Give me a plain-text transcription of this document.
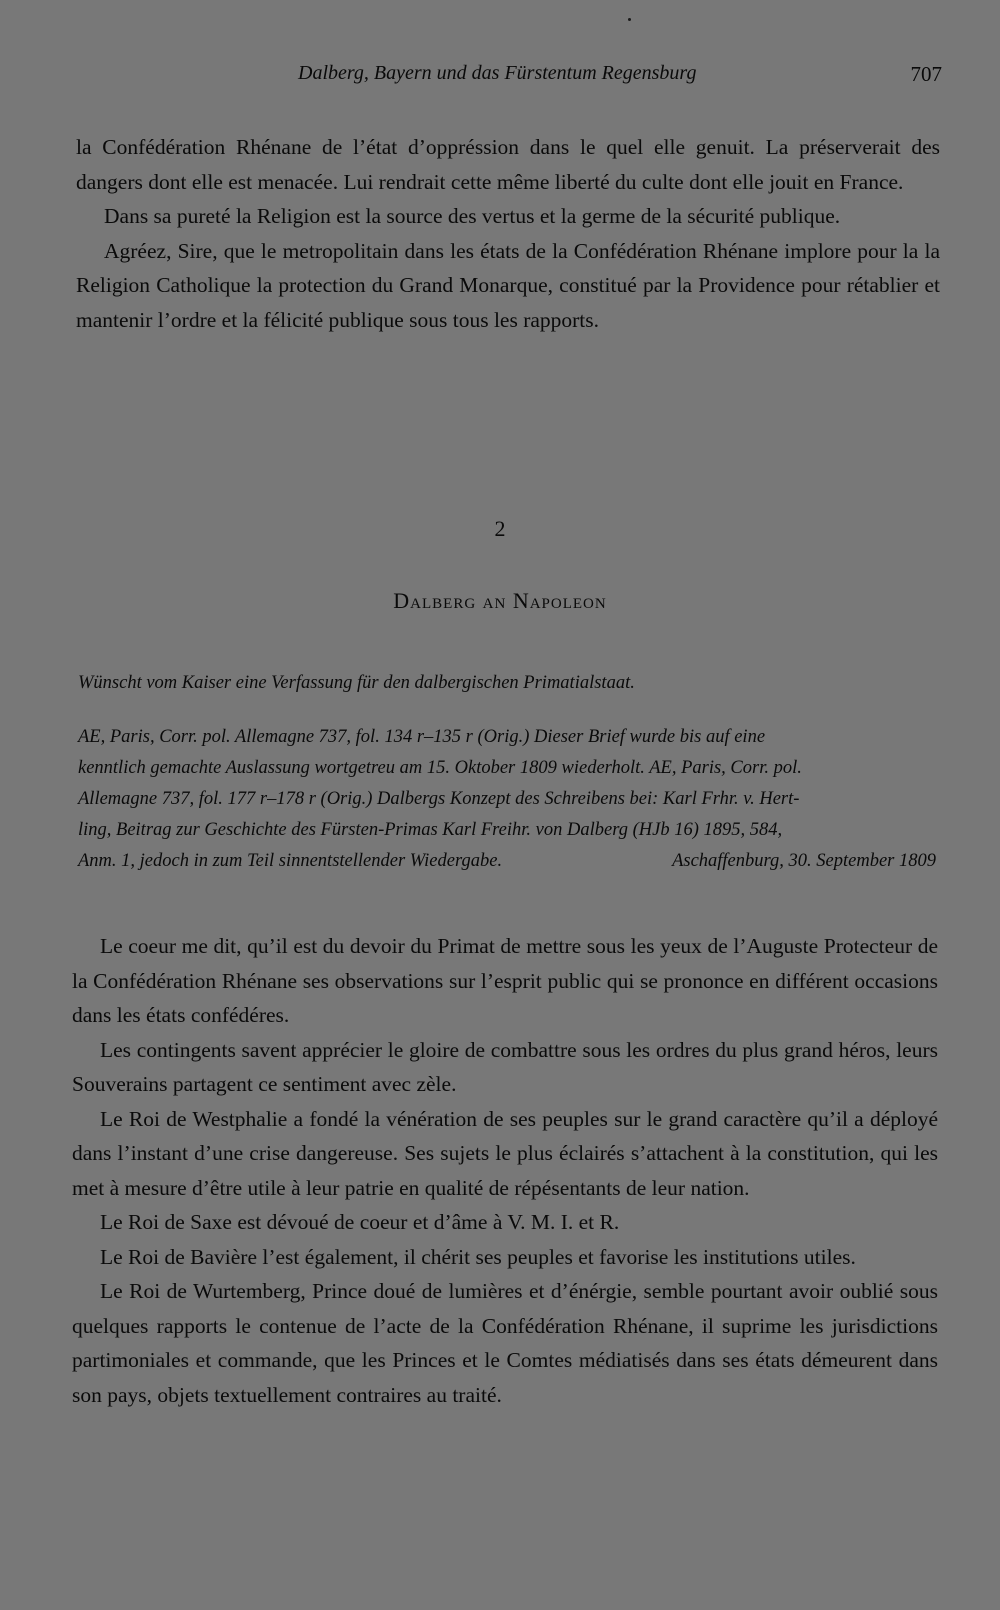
Dalberg, Bayern und das Fürstentum Regensburg	707

la Confédération Rhénane de l’état d’oppréssion dans le quel elle genuit. La préserverait des dangers dont elle est menacée. Lui rendrait cette même liberté du culte dont elle jouit en France.

Dans sa pureté la Religion est la source des vertus et la germe de la sécurité publique.

Agréez, Sire, que le metropolitain dans les états de la Confédération Rhénane implore pour la la Religion Catholique la protection du Grand Monarque, constitué par la Providence pour rétablier et mantenir l’ordre et la félicité publique sous tous les rapports.

2
Dalberg an Napoleon
Wünscht vom Kaiser eine Verfassung für den dalbergischen Primatialstaat.
AE, Paris, Corr. pol. Allemagne 737, fol. 134 r–135 r (Orig.) Dieser Brief wurde bis auf eine
kenntlich gemachte Auslassung wortgetreu am 15. Oktober 1809 wiederholt. AE, Paris, Corr. pol.
Allemagne 737, fol. 177 r–178 r (Orig.) Dalbergs Konzept des Schreibens bei: Karl Frhr. v. Hert-
ling, Beitrag zur Geschichte des Fürsten-Primas Karl Freihr. von Dalberg (HJb 16) 1895, 584,
Anm. 1, jedoch in zum Teil sinnentstellender Wiedergabe.	Aschaffenburg, 30. September 1809

Le coeur me dit, qu’il est du devoir du Primat de mettre sous les yeux de l’Auguste Protecteur de la Confédération Rhénane ses observations sur l’esprit public qui se prononce en différent occasions dans les états confédéres.

Les contingents savent apprécier le gloire de combattre sous les ordres du plus grand héros, leurs Souverains partagent ce sentiment avec zèle.

Le Roi de Westphalie a fondé la vénération de ses peuples sur le grand caractère qu’il a déployé dans l’instant d’une crise dangereuse. Ses sujets le plus éclairés s’attachent à la constitution, qui les met à mesure d’être utile à leur patrie en qualité de répésentants de leur nation.

Le Roi de Saxe est dévoué de coeur et d’âme à V. M. I. et R.

Le Roi de Bavière l’est également, il chérit ses peuples et favorise les institutions utiles.

Le Roi de Wurtemberg, Prince doué de lumières et d’énérgie, semble pourtant avoir oublié sous quelques rapports le contenue de l’acte de la Confédération Rhénane, il suprime les jurisdictions partimoniales et commande, que les Princes et le Comtes médiatisés dans ses états démeurent dans son pays, objets textuellement contraires au traité.
